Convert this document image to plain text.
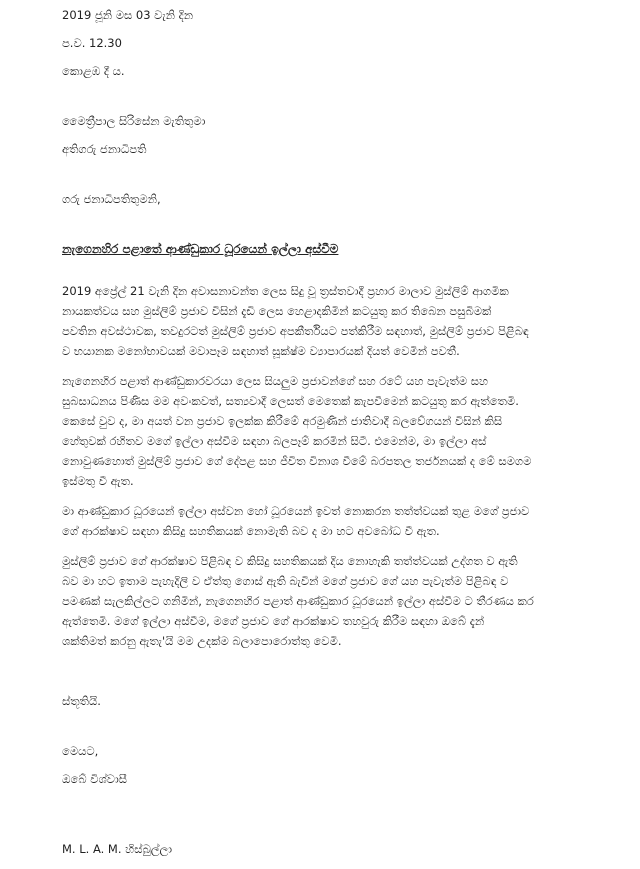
2019 ජූනි මස 03 වැනි දින
ප.ව. 12.30
කොළඹ දී ය.
මෛත්‍රීපාල සිරිසේන මැතිතුමා
අතිගරු ජනාධිපති
ගරු ජනාධිපතිතුමනි,
නැගෙනහිර පළාතේ ආණ්ඩුකාර ධූරයෙන් ඉල්ලා අස්වීම
2019 අප්‍රේල් 21 වැනි දින අවාසනාවන්ත ලෙස සිදු වූ ත්‍රස්තවාදී ප්‍රහාර මාලාව මුස්ලිම් ආගමික
නායකත්වය සහ මුස්ලිම් ප්‍රජාව විසින් දැඩි ලෙස හෙළාදකිමින් කටයුතු කර තිබෙන පසුබිමක්
පවතින අවස්ථාවක, තවදුරටත් මුස්ලිම් ප්‍රජාව අපකීර්තියට පත්කිරීම සඳහාත්, මුස්ලිම් ප්‍රජාව පිළිබඳ
ව භයානක මනෝභාවයක් මවාපෑම සඳහාත් සූක්ෂ්ම ව්‍යාපාරයක් දියත් වෙමින් පවතී.
නැගෙනහිර පළාත් ආණ්ඩුකාරවරයා ලෙස සියලුම ප්‍රජාවන්ගේ සහ රටේ යහ පැවැත්ම සහ
සුබසාධනය පිණිස මම අවංකවත්, සත්‍යවාදී ලෙසත් මෙතෙක් කැපවීමෙන් කටයුතු කර ඇත්තෙමි.
කෙසේ වුව ද, මා අයත් වන ප්‍රජාව ඉලක්ක කිරීමේ අරමුණින් ජාතිවාදී බලවේගයන් විසින් කිසි
හේතුවක් රහිතව මගේ ඉල්ලා අස්වීම සඳහා බලපෑම් කරමින් සිටී. එමෙන්ම, මා ඉල්ලා අස්
නොවුණහොත් මුස්ලිම් ප්‍රජාව ගේ දේපළ සහ ජීවිත විනාශ වීමේ බරපතල තර්ජනයක් ද මේ සමගම
ඉස්මතු වී ඇත.
මා ආණ්ඩුකාර ධූරයෙන් ඉල්ලා අස්වන හෝ ධූරයෙන් ඉවත් නොකරන තත්ත්වයක් තුළ මගේ ප්‍රජාව
ගේ ආරක්ෂාව සඳහා කිසිදු සහතිකයක් නොමැති බව ද මා හට අවබෝධ වී ඇත.
මුස්ලිම් ප්‍රජාව ගේ ආරක්ෂාව පිළිබඳ ව කිසිදු සහතිකයක් දිය නොහැකි තත්ත්වයක් උද්ගත ව ඇති
බව මා හට ඉතාම පැහැදිලි ව ඒත්තු ගොස් ඇති බැවින් මගේ ප්‍රජාව ගේ යහ පැවැත්ම පිළිබඳ ව
පමණක් සැලකිල්ලට ගනිමින්, නැගෙනහිර පළාත් ආණ්ඩුකාර ධූරයෙන් ඉල්ලා අස්වීම ට තීරණය කර
ඇත්තෙමි. මගේ ඉල්ලා අස්වීම, මගේ ප්‍රජාව ගේ ආරක්ෂාව තහවුරු කිරීම සඳහා ඔබේ දැන්
ශක්තිමත් කරනු ඇතැ'යි මම උදක්ම බලාපොරොත්තු වෙමි.
ස්තූතියි.
මෙයට,
ඔබේ විශ්වාසී
M. L. A. M. හිස්බුල්ලා
